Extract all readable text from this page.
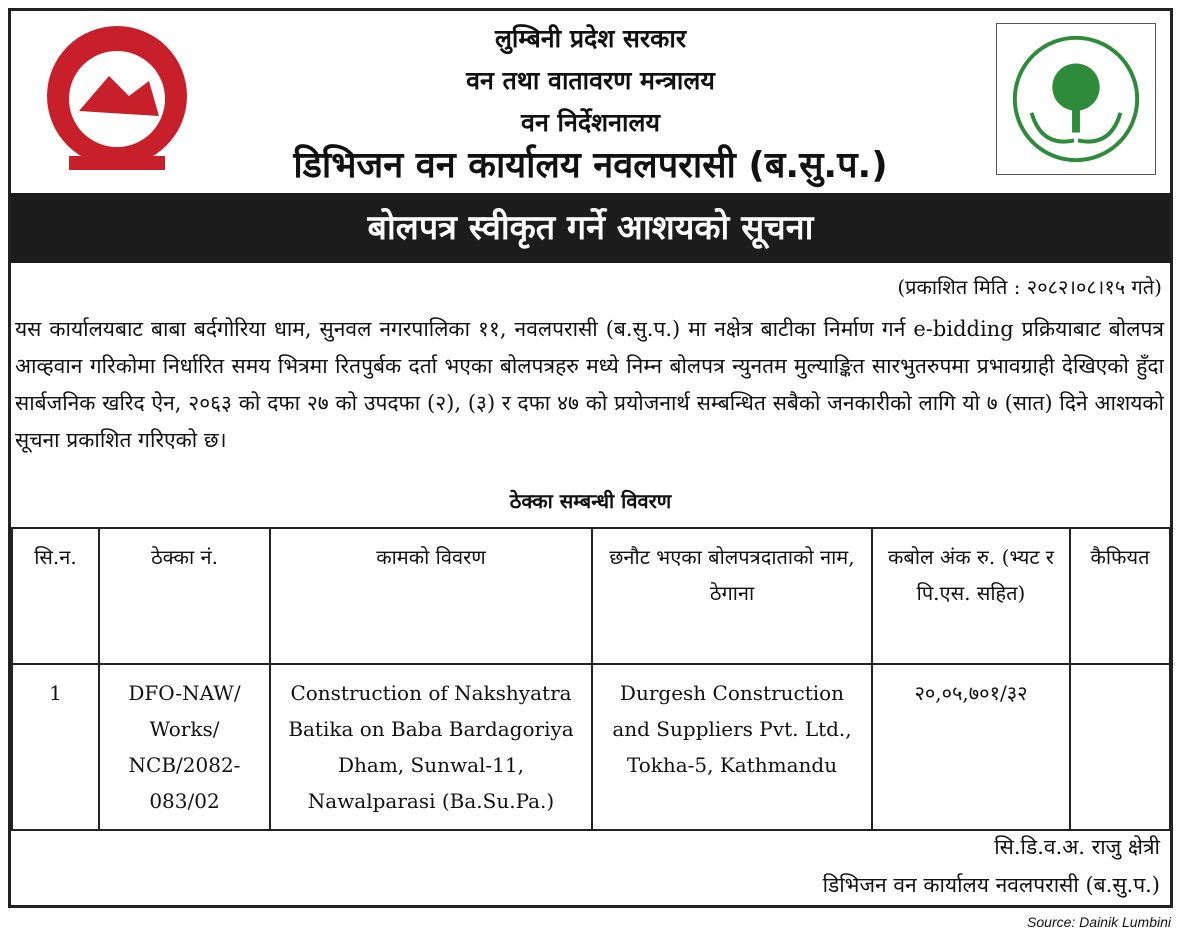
लुम्बिनी प्रदेश सरकार
वन तथा वातावरण मन्त्रालय
वन निर्देशनालय
डिभिजन वन कार्यालय नवलपरासी (ब.सु.प.)
बोलपत्र स्वीकृत गर्ने आशयको सूचना
(प्रकाशित मिति : २०८२।०८।१५ गते)
यस कार्यालयबाट बाबा बर्दगोरिया धाम, सुनवल नगरपालिका ११, नवलपरासी (ब.सु.प.) मा नक्षेत्र बाटीका निर्माण गर्न e-bidding प्रक्रियाबाट बोलपत्र आव्हवान गरिकोमा निर्धारित समय भित्रमा रितपुर्बक दर्ता भएका बोलपत्रहरु मध्ये निम्न बोलपत्र न्युनतम मुल्याङ्कित सारभुतरुपमा प्रभावग्राही देखिएको हुँदा सार्बजनिक खरिद ऐन, २०६३ को दफा २७ को उपदफा (२), (३) र दफा ४७ को प्रयोजनार्थ सम्बन्धित सबैको जनकारीको लागि यो ७ (सात) दिने आशयको सूचना प्रकाशित गरिएको छ।
ठेक्का सम्बन्धी विवरण
सि.न.	ठेक्का नं.	कामको विवरण	छनौट भएका बोलपत्रदाताको नाम, ठेगाना	कबोल अंक रु. (भ्यट र पि.एस. सहित)	कैफियत
1	DFO-NAW/ Works/ NCB/2082-083/02	Construction of Nakshyatra Batika on Baba Bardagoriya Dham, Sunwal-11, Nawalparasi (Ba.Su.Pa.)	Durgesh Construction and Suppliers Pvt. Ltd., Tokha-5, Kathmandu	२०,०५,७०१/३२	
सि.डि.व.अ. राजु क्षेत्री
डिभिजन वन कार्यालय नवलपरासी (ब.सु.प.)
Source: Dainik Lumbini
